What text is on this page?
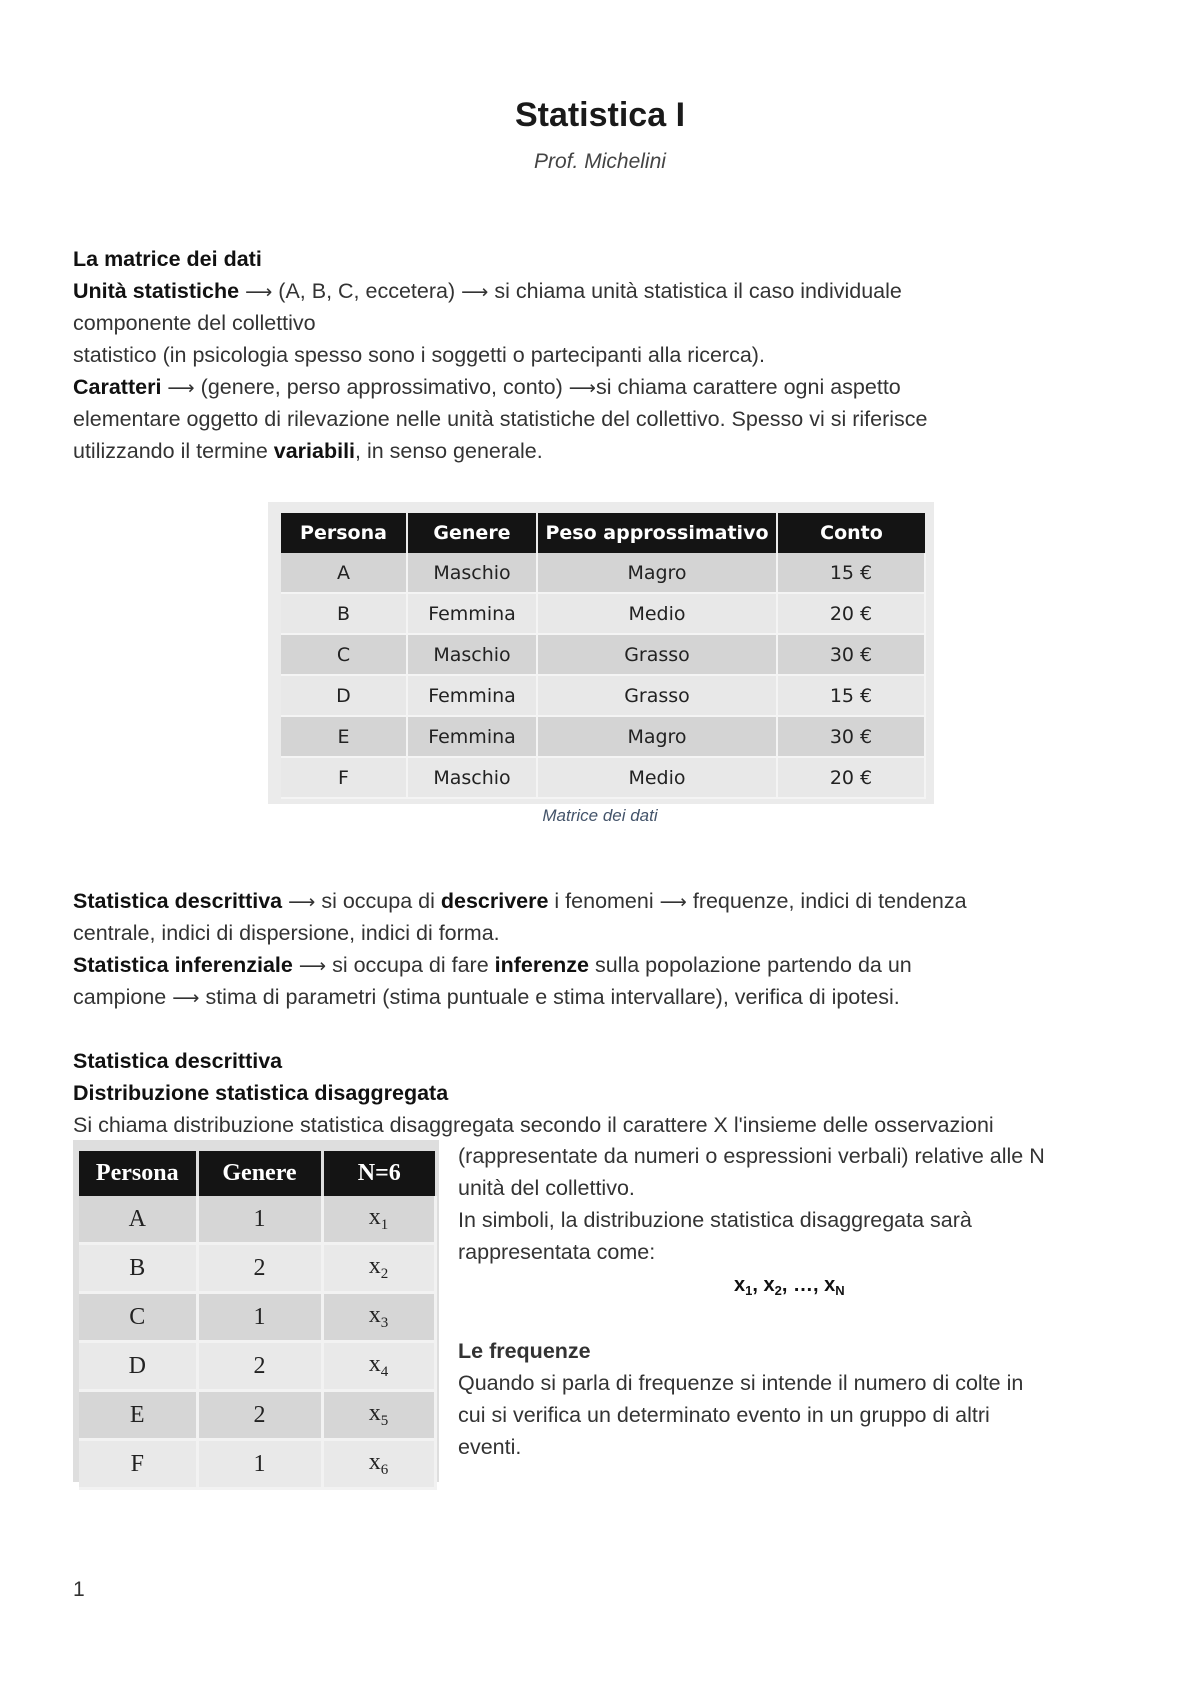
Statistica I
Prof. Michelini
La matrice dei dati
Unità statistiche ⟶ (A, B, C, eccetera) ⟶ si chiama unità statistica il caso individuale
componente del collettivo
statistico (in psicologia spesso sono i soggetti o partecipanti alla ricerca).
Caratteri ⟶ (genere, perso approssimativo, conto) ⟶si chiama carattere ogni aspetto
elementare oggetto di rilevazione nelle unità statistiche del collettivo. Spesso vi si riferisce
utilizzando il termine variabili, in senso generale.
Persona	Genere	Peso approssimativo	Conto
A	Maschio	Magro	15 €
B	Femmina	Medio	20 €
C	Maschio	Grasso	30 €
D	Femmina	Grasso	15 €
E	Femmina	Magro	30 €
F	Maschio	Medio	20 €
Matrice dei dati
Statistica descrittiva ⟶ si occupa di descrivere i fenomeni ⟶ frequenze, indici di tendenza
centrale, indici di dispersione, indici di forma.
Statistica inferenziale ⟶ si occupa di fare inferenze sulla popolazione partendo da un
campione ⟶ stima di parametri (stima puntuale e stima intervallare), verifica di ipotesi.
Statistica descrittiva
Distribuzione statistica disaggregata
Si chiama distribuzione statistica disaggregata secondo il carattere X l'insieme delle osservazioni
Persona	Genere	N=6
A	1	$x_1$
B	2	$x_2$
C	1	$x_3$
D	2	$x_4$
E	2	$x_5$
F	1	$x_6$
(rappresentate da numeri o espressioni verbali) relative alle N
unità del collettivo.
In simboli, la distribuzione statistica disaggregata sarà
rappresentata come:
$x_1$, $x_2$, …, $x_N$
Le frequenze
Quando si parla di frequenze si intende il numero di colte in
cui si verifica un determinato evento in un gruppo di altri
eventi.
1
